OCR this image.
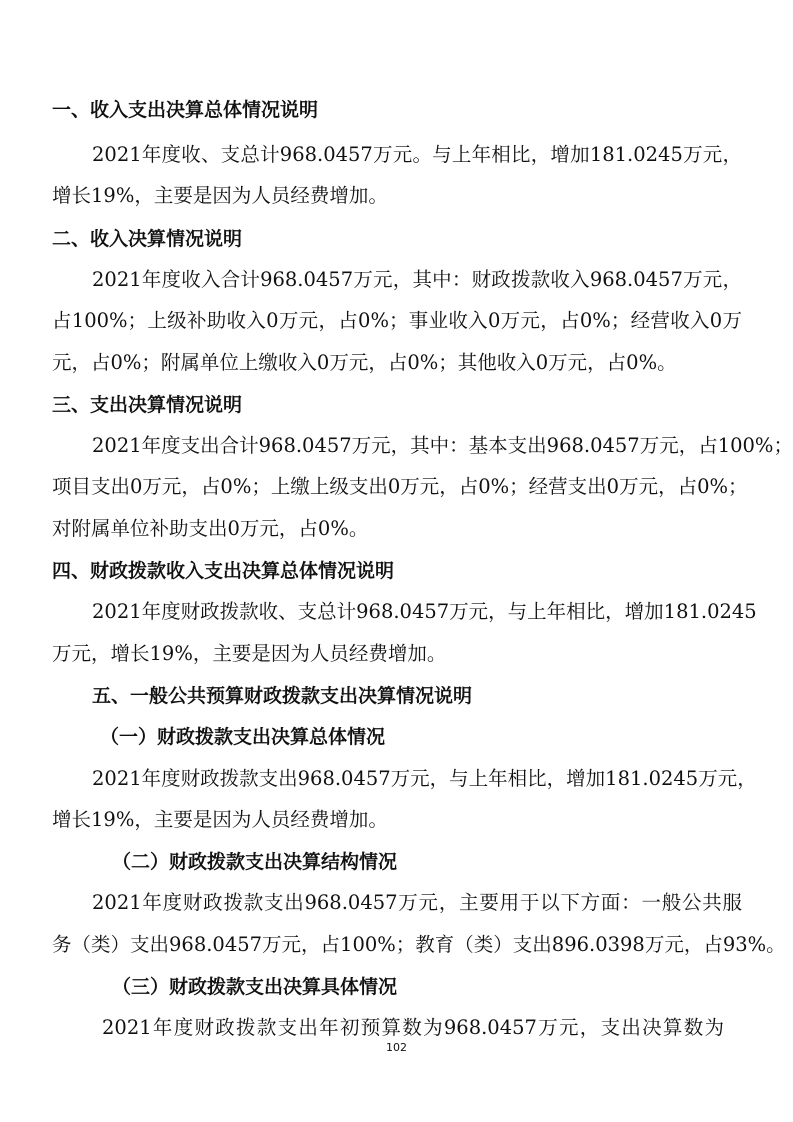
一、收入支出决算总体情况说明
2021年度收、支总计968.0457万元。与上年相比，增加181.0245万元，
增长19%，主要是因为人员经费增加。
二、收入决算情况说明
2021年度收入合计968.0457万元，其中：财政拨款收入968.0457万元，
占100%；上级补助收入0万元，占0%；事业收入0万元，占0%；经营收入0万
元，占0%；附属单位上缴收入0万元，占0%；其他收入0万元，占0%。
三、支出决算情况说明
2021年度支出合计968.0457万元，其中：基本支出968.0457万元，占100%；
项目支出0万元，占0%；上缴上级支出0万元，占0%；经营支出0万元，占0%；
对附属单位补助支出0万元，占0%。
四、财政拨款收入支出决算总体情况说明
2021年度财政拨款收、支总计968.0457万元，与上年相比，增加181.0245
万元，增长19%，主要是因为人员经费增加。
五、一般公共预算财政拨款支出决算情况说明
（一）财政拨款支出决算总体情况
2021年度财政拨款支出968.0457万元，与上年相比，增加181.0245万元，
增长19%，主要是因为人员经费增加。
（二）财政拨款支出决算结构情况
2021年度财政拨款支出968.0457万元，主要用于以下方面：一般公共服
务（类）支出968.0457万元，占100%；教育（类）支出896.0398万元，占93%。
（三）财政拨款支出决算具体情况
2021年度财政拨款支出年初预算数为968.0457万元，支出决算数为
102
